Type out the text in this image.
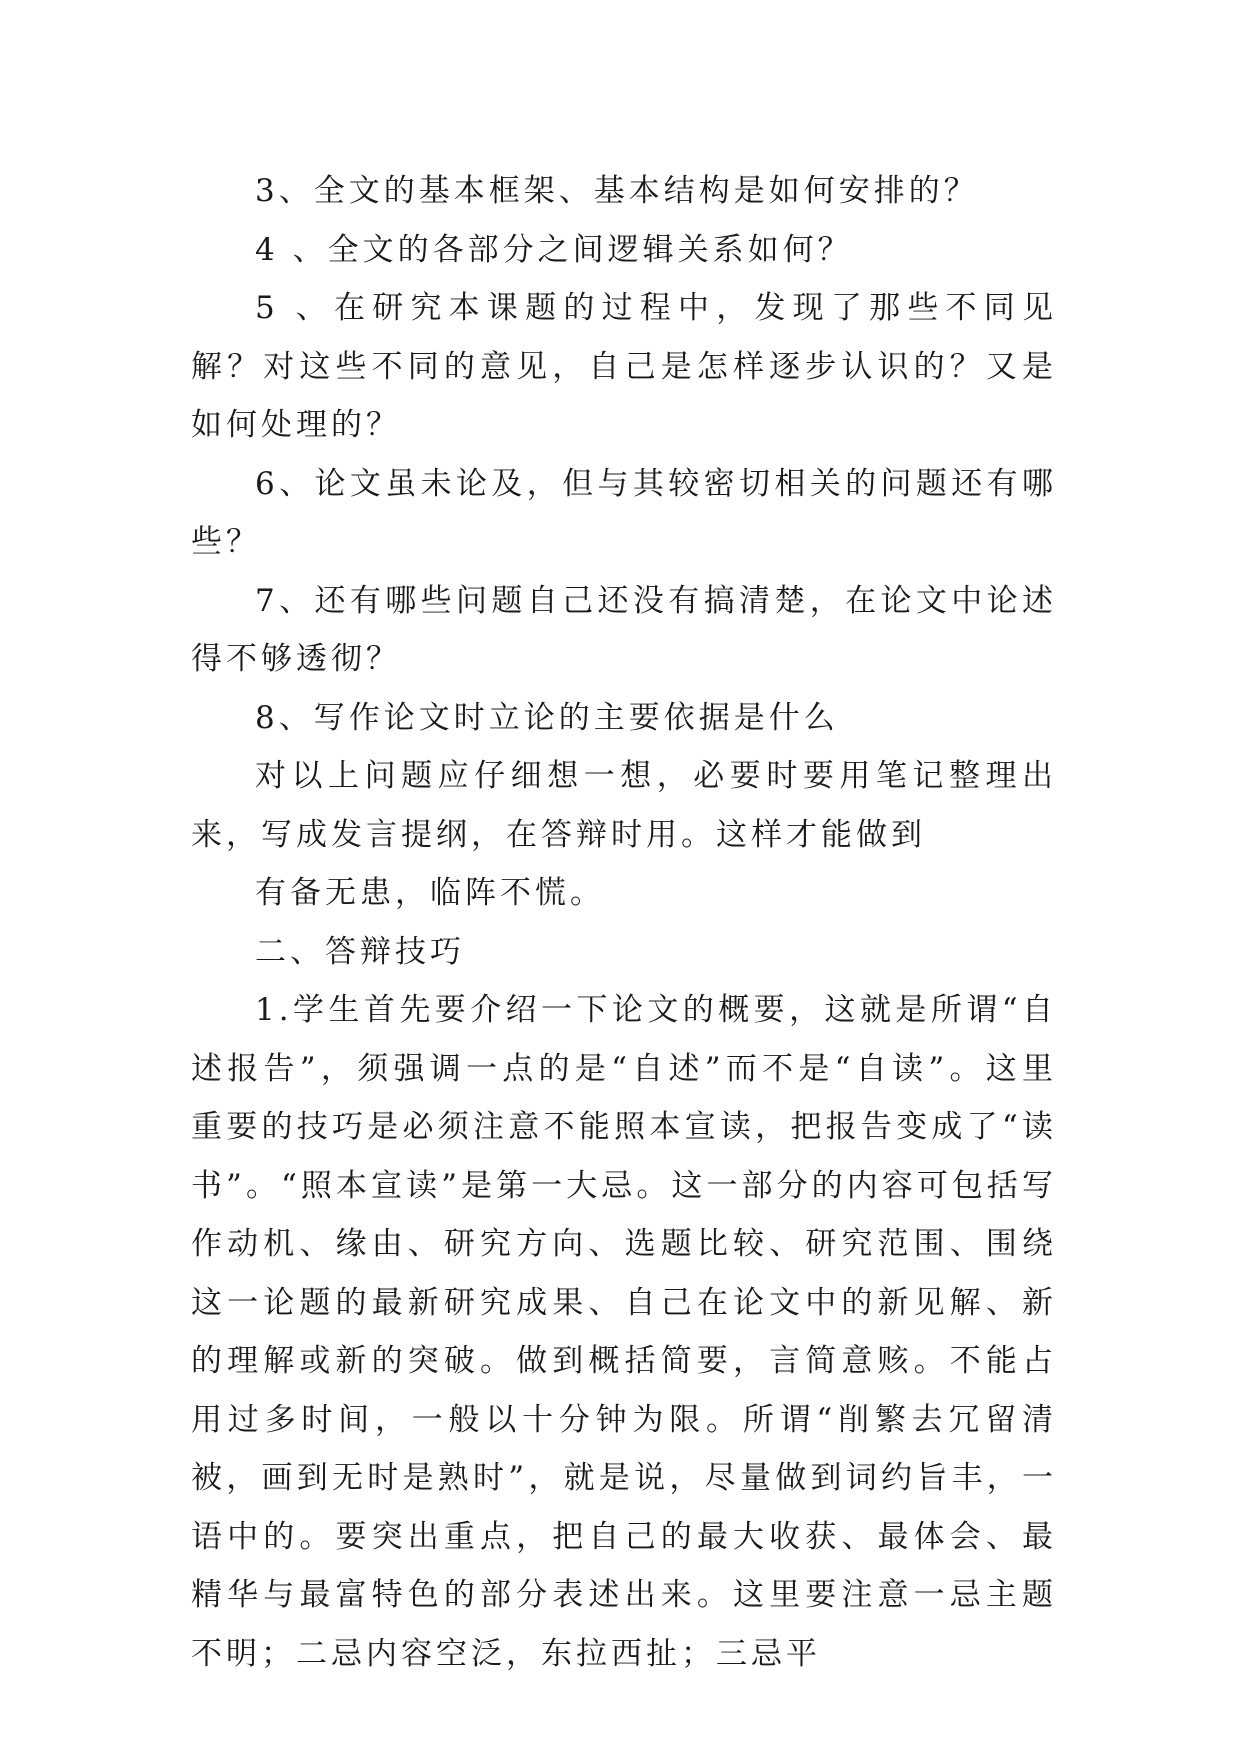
3、全文的基本框架、基本结构是如何安排的？

4 、全文的各部分之间逻辑关系如何？

5 、在研究本课题的过程中，发现了那些不同见解？对这些不同的意见，自己是怎样逐步认识的？又是如何处理的？

6、论文虽未论及，但与其较密切相关的问题还有哪些？

7、还有哪些问题自己还没有搞清楚，在论文中论述得不够透彻？

8、写作论文时立论的主要依据是什么

对以上问题应仔细想一想，必要时要用笔记整理出来，写成发言提纲，在答辩时用。这样才能做到

有备无患，临阵不慌。

二、答辩技巧

1.学生首先要介绍一下论文的概要，这就是所谓“自述报告”，须强调一点的是“自述”而不是“自读”。这里重要的技巧是必须注意不能照本宣读，把报告变成了“读书”。“照本宣读”是第一大忌。这一部分的内容可包括写作动机、缘由、研究方向、选题比较、研究范围、围绕这一论题的最新研究成果、自己在论文中的新见解、新的理解或新的突破。做到概括简要，言简意赅。不能占用过多时间，一般以十分钟为限。所谓“削繁去冗留清被，画到无时是熟时”，就是说，尽量做到词约旨丰，一语中的。要突出重点，把自己的最大收获、最体会、最精华与最富特色的部分表述出来。这里要注意一忌主题不明；二忌内容空泛，东拉西扯；三忌平
